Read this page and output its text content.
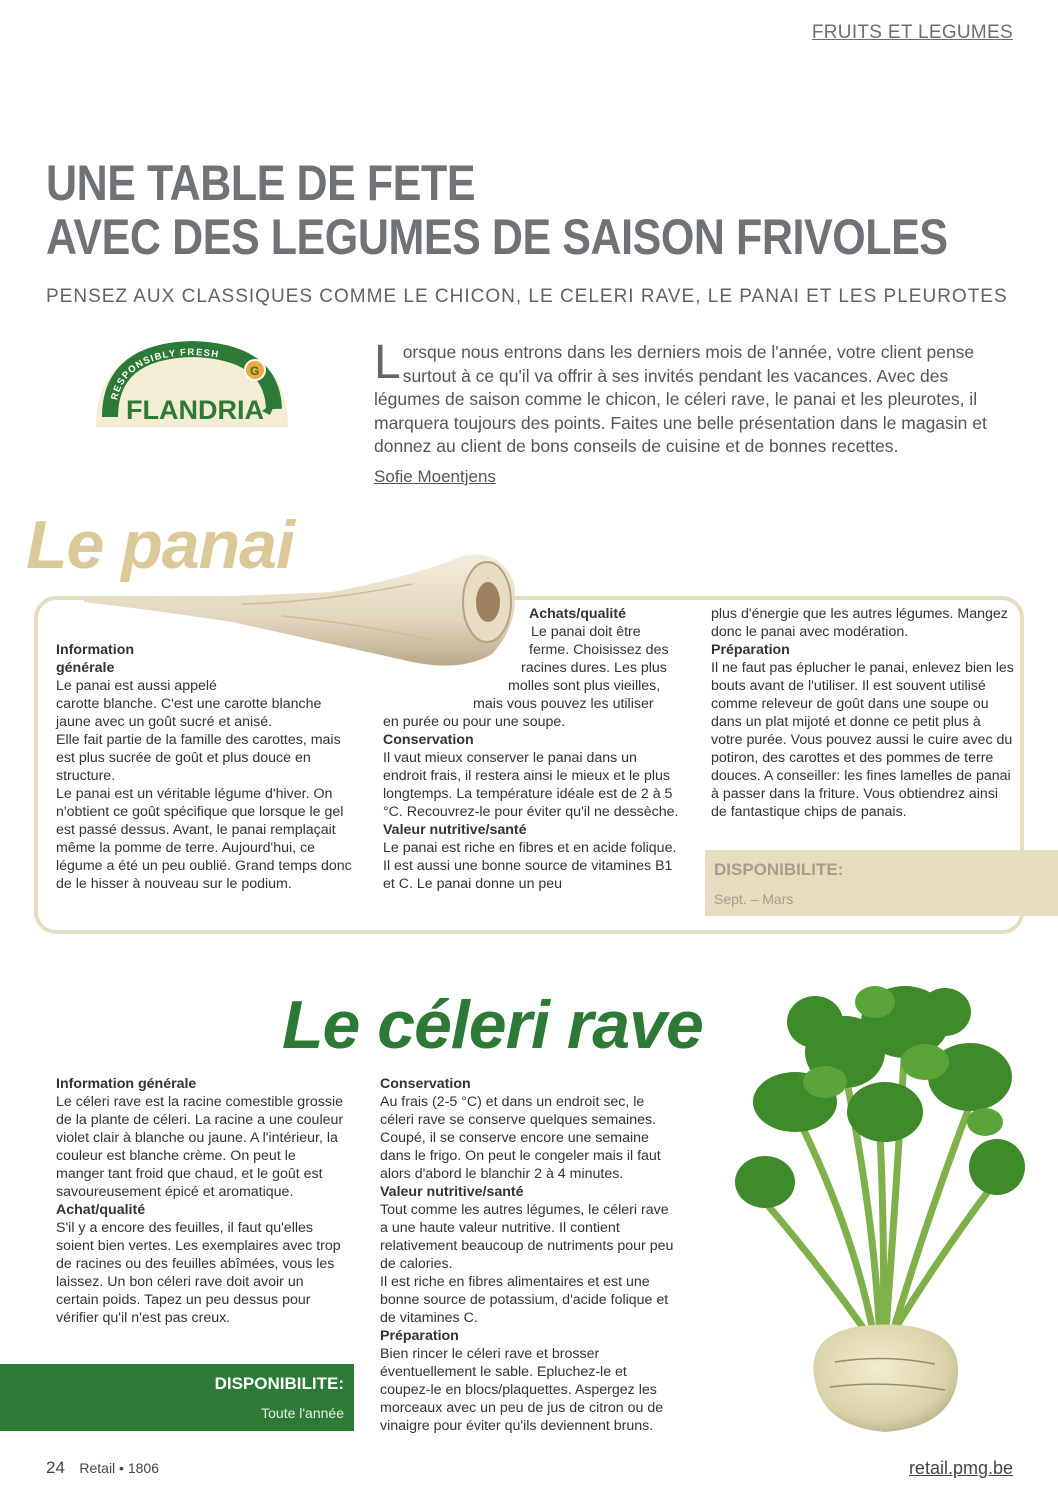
FRUITS ET LEGUMES
UNE TABLE DE FETE
AVEC DES LEGUMES DE SAISON FRIVOLES
PENSEZ AUX CLASSIQUES COMME LE CHICON, LE CELERI RAVE, LE PANAI ET LES PLEUROTES
RESPONSIBLY FRESH
G
FLANDRIA
Lorsque nous entrons dans les derniers mois de l'année, votre client pense surtout à ce qu'il va offrir à ses invités pendant les vacances. Avec des légumes de saison comme le chicon, le céleri rave, le panai et les pleurotes, il marquera toujours des points. Faites une belle présentation dans le magasin et donnez au client de bons conseils de cuisine et de bonnes recettes.
Sofie Moentjens
Le panai
Information
générale
Le panai est aussi appelé
carotte blanche. C'est une carotte blanche jaune avec un goût sucré et anisé.
Elle fait partie de la famille des carottes, mais est plus sucrée de goût et plus douce en structure.
Le panai est un véritable légume d'hiver. On n'obtient ce goût spécifique que lorsque le gel est passé dessus. Avant, le panai remplaçait même la pomme de terre. Aujourd'hui, ce légume a été un peu oublié. Grand temps donc de le hisser à nouveau sur le podium.
Achats/qualité
Le panai doit être
ferme. Choisissez des
racines dures. Les plus
molles sont plus vieilles,
mais vous pouvez les utiliser
en purée ou pour une soupe.
Conservation
Il vaut mieux conserver le panai dans un endroit frais, il restera ainsi le mieux et le plus longtemps. La température idéale est de 2 à 5 °C. Recouvrez-le pour éviter qu'il ne dessèche.
Valeur nutritive/santé
Le panai est riche en fibres et en acide folique. Il est aussi une bonne source de vitamines B1 et C. Le panai donne un peu
plus d'énergie que les autres légumes. Mangez donc le panai avec modération.
Préparation
Il ne faut pas éplucher le panai, enlevez bien les bouts avant de l'utiliser. Il est souvent utilisé comme releveur de goût dans une soupe ou dans un plat mijoté et donne ce petit plus à votre purée. Vous pouvez aussi le cuire avec du potiron, des carottes et des pommes de terre douces. A conseiller: les fines lamelles de panai à passer dans la friture. Vous obtiendrez ainsi de fantastique chips de panais.
DISPONIBILITE:
Sept. – Mars
Le céleri rave
Information générale
Le céleri rave est la racine comestible grossie de la plante de céleri. La racine a une couleur violet clair à blanche ou jaune. A l'intérieur, la couleur est blanche crème. On peut le manger tant froid que chaud, et le goût est savoureusement épicé et aromatique.
Achat/qualité
S'il y a encore des feuilles, il faut qu'elles soient bien vertes. Les exemplaires avec trop de racines ou des feuilles abîmées, vous les laissez. Un bon céleri rave doit avoir un certain poids. Tapez un peu dessus pour vérifier qu'il n'est pas creux.
Conservation
Au frais (2-5 °C) et dans un endroit sec, le céleri rave se conserve quelques semaines. Coupé, il se conserve encore une semaine dans le frigo. On peut le congeler mais il faut alors d'abord le blanchir 2 à 4 minutes.
Valeur nutritive/santé
Tout comme les autres légumes, le céleri rave a une haute valeur nutritive. Il contient relativement beaucoup de nutriments pour peu de calories.
Il est riche en fibres alimentaires et est une bonne source de potassium, d'acide folique et de vitamines C.
Préparation
Bien rincer le céleri rave et brosser éventuellement le sable. Epluchez-le et coupez-le en blocs/plaquettes. Aspergez les morceaux avec un peu de jus de citron ou de vinaigre pour éviter qu'ils deviennent bruns.
DISPONIBILITE:
Toute l'année
24 Retail • 1806	retail.pmg.be
